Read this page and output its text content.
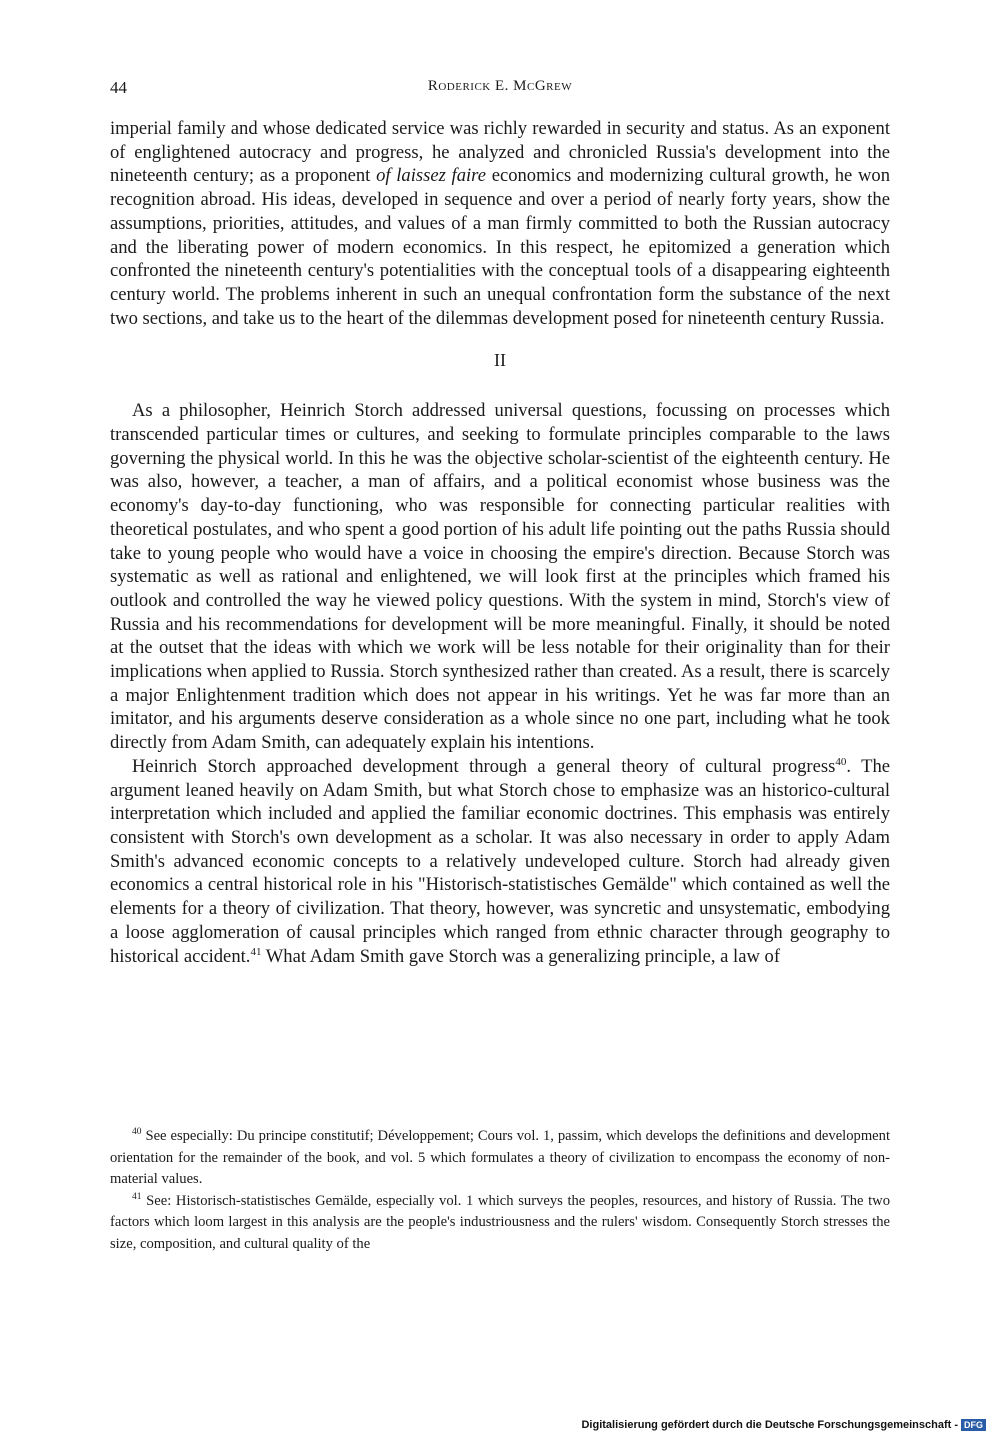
44	Roderick E. McGrew

imperial family and whose dedicated service was richly rewarded in security and status. As an exponent of englightened autocracy and progress, he analyzed and chronicled Russia's development into the nineteenth century; as a proponent of laissez faire economics and modernizing cultural growth, he won recognition abroad. His ideas, developed in sequence and over a period of nearly forty years, show the assumptions, priorities, attitudes, and values of a man firmly committed to both the Russian autocracy and the liberating power of modern economics. In this respect, he epitomized a generation which confronted the nineteenth century's potentialities with the conceptual tools of a disappearing eighteenth century world. The problems inherent in such an unequal confrontation form the substance of the next two sections, and take us to the heart of the dilemmas development posed for nineteenth century Russia.

II

As a philosopher, Heinrich Storch addressed universal questions, focussing on processes which transcended particular times or cultures, and seeking to formulate principles comparable to the laws governing the physical world. In this he was the objective scholar-scientist of the eighteenth century. He was also, however, a teacher, a man of affairs, and a political economist whose business was the economy's day-to-day functioning, who was responsible for connecting particular realities with theoretical postulates, and who spent a good portion of his adult life pointing out the paths Russia should take to young people who would have a voice in choosing the empire's direction. Because Storch was systematic as well as rational and enlightened, we will look first at the principles which framed his outlook and controlled the way he viewed policy questions. With the system in mind, Storch's view of Russia and his recommendations for development will be more meaningful. Finally, it should be noted at the outset that the ideas with which we work will be less notable for their originality than for their implications when applied to Russia. Storch synthesized rather than created. As a result, there is scarcely a major Enlightenment tradition which does not appear in his writings. Yet he was far more than an imitator, and his arguments deserve consideration as a whole since no one part, including what he took directly from Adam Smith, can adequately explain his intentions.

Heinrich Storch approached development through a general theory of cultural progress$^{40}$. The argument leaned heavily on Adam Smith, but what Storch chose to emphasize was an historico-cultural interpretation which included and applied the familiar economic doctrines. This emphasis was entirely consistent with Storch's own development as a scholar. It was also necessary in order to apply Adam Smith's advanced economic concepts to a relatively undeveloped culture. Storch had already given economics a central historical role in his "Historisch-statistisches Gemälde" which contained as well the elements for a theory of civilization. That theory, however, was syncretic and unsystematic, embodying a loose agglomeration of causal principles which ranged from ethnic character through geography to historical accident.$^{41}$ What Adam Smith gave Storch was a generalizing principle, a law of

$^{40}$ See especially: Du principe constitutif; Développement; Cours vol. 1, passim, which develops the definitions and development orientation for the remainder of the book, and vol. 5 which formulates a theory of civilization to encompass the economy of non-material values.

$^{41}$ See: Historisch-statistisches Gemälde, especially vol. 1 which surveys the peoples, resources, and history of Russia. The two factors which loom largest in this analysis are the people's industriousness and the rulers' wisdom. Consequently Storch stresses the size, composition, and cultural quality of the

Digitalisierung gefördert durch die Deutsche Forschungsgemeinschaft - DFG
